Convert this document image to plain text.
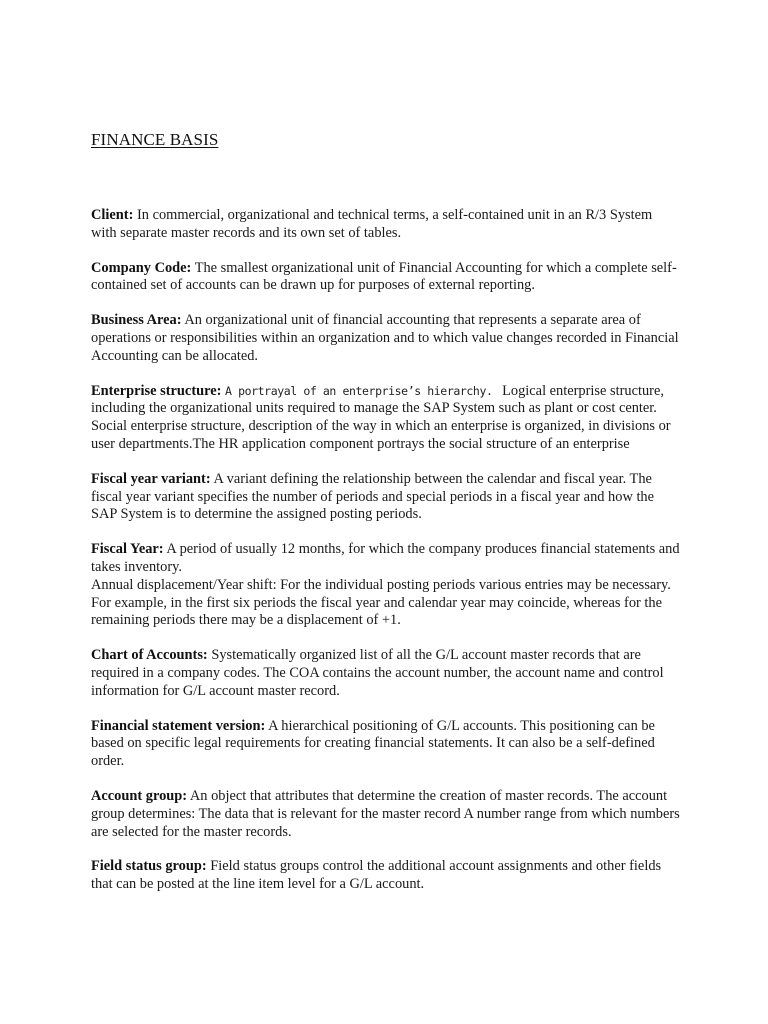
FINANCE BASIS

Client: In commercial, organizational and technical terms, a self-contained unit in an R/3 System with separate master records and its own set of tables.

Company Code: The smallest organizational unit of Financial Accounting for which a complete self-contained set of accounts can be drawn up for purposes of external reporting.

Business Area: An organizational unit of financial accounting that represents a separate area of operations or responsibilities within an organization and to which value changes recorded in Financial Accounting can be allocated.

Enterprise structure: A portrayal of an enterprise’s hierarchy. Logical enterprise structure, including the organizational units required to manage the SAP System such as plant or cost center. Social enterprise structure, description of the way in which an enterprise is organized, in divisions or user departments.The HR application component portrays the social structure of an enterprise

Fiscal year variant: A variant defining the relationship between the calendar and fiscal year. The fiscal year variant specifies the number of periods and special periods in a fiscal year and how the SAP System is to determine the assigned posting periods.

Fiscal Year: A period of usually 12 months, for which the company produces financial statements and takes inventory.
Annual displacement/Year shift: For the individual posting periods various entries may be necessary. For example, in the first six periods the fiscal year and calendar year may coincide, whereas for the remaining periods there may be a displacement of +1.

Chart of Accounts: Systematically organized list of all the G/L account master records that are required in a company codes. The COA contains the account number, the account name and control information for G/L account master record.

Financial statement version: A hierarchical positioning of G/L accounts. This positioning can be based on specific legal requirements for creating financial statements. It can also be a self-defined order.

Account group: An object that attributes that determine the creation of master records. The account group determines: The data that is relevant for the master record A number range from which numbers are selected for the master records.

Field status group: Field status groups control the additional account assignments and other fields that can be posted at the line item level for a G/L account.
